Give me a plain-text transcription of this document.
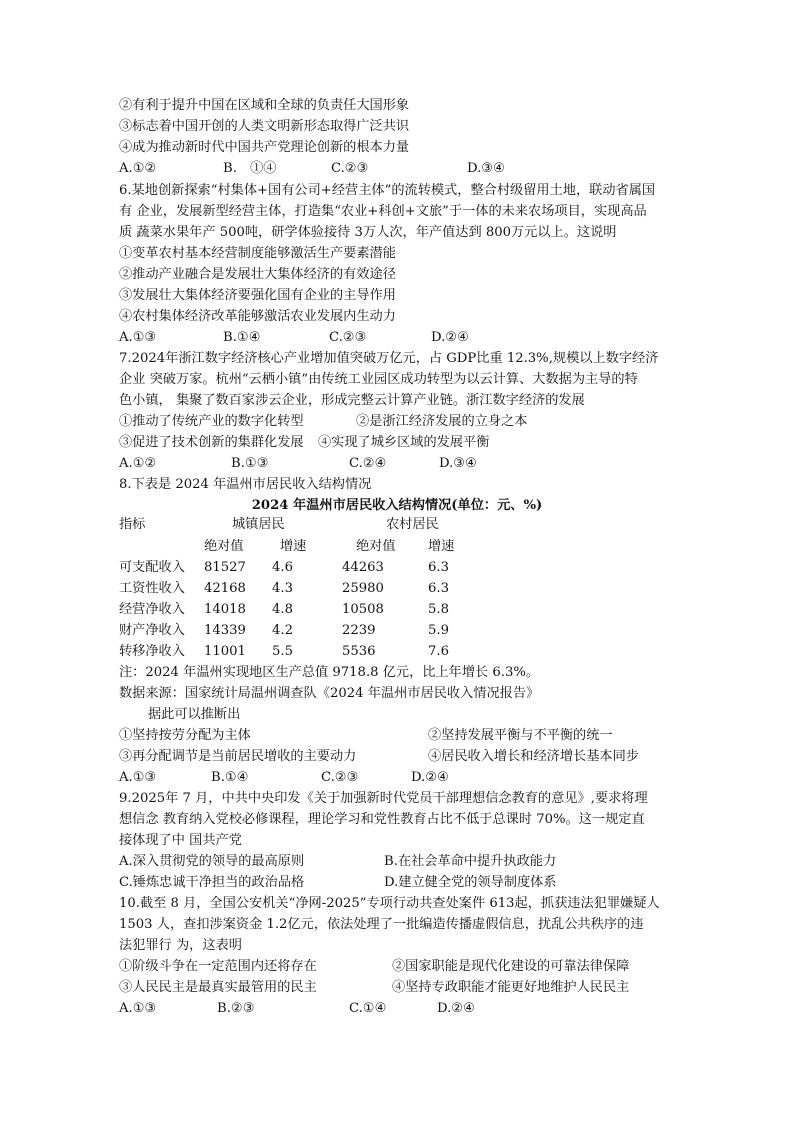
②有利于提升中国在区域和全球的负责任大国形象
③标志着中国开创的人类文明新形态取得广泛共识
④成为推动新时代中国共产党理论创新的根本力量
A.①②	B.　①④	C.②③	D.③④
6.某地创新探索“村集体+国有公司+经营主体”的流转模式，整合村级留用土地，联动省属国
有 企业，发展新型经营主体，打造集“农业+科创+文旅”于一体的未来农场项目，实现高品
质 蔬菜水果年产 500吨，研学体验接待 3万人次，年产值达到 800万元以上。这说明
①变革农村基本经营制度能够激活生产要素潜能
②推动产业融合是发展壮大集体经济的有效途径
③发展壮大集体经济要强化国有企业的主导作用
④农村集体经济改革能够激活农业发展内生动力
A.①③	B.①④	C.②③	D.②④
7.2024年浙江数字经济核心产业增加值突破万亿元，占 GDP比重 12.3%,规模以上数字经济
企业 突破万家。杭州“云栖小镇”由传统工业园区成功转型为以云计算、大数据为主导的特
色小镇， 集聚了数百家涉云企业，形成完整云计算产业链。浙江数字经济的发展
①推动了传统产业的数字化转型	②是浙江经济发展的立身之本
③促进了技术创新的集群化发展 ④实现了城乡区域的发展平衡
A.①②	B.①③	C.②④	D.③④
8.下表是 2024 年温州市居民收入结构情况
2024 年温州市居民收入结构情况(单位：元、%)
指标	城镇居民	农村居民
绝对值	增速	绝对值 增速
可支配收入 81527 4.6	44263	6.3
工资性收入 42168 4.3	25980	6.3
经营净收入 14018 4.8	10508	5.8
财产净收入 14339 4.2	2239	5.9
转移净收入 11001 5.5	5536	7.6
注：2024 年温州实现地区生产总值 9718.8 亿元，比上年增长 6.3%。
数据来源：国家统计局温州调查队《2024 年温州市居民收入情况报告》
据此可以推断出
①坚持按劳分配为主体	②坚持发展平衡与不平衡的统一
③再分配调节是当前居民增收的主要动力	④居民收入增长和经济增长基本同步
A.①③	B.①④	C.②③	D.②④
9.2025年 7 月，中共中央印发《关于加强新时代党员干部理想信念教育的意见》,要求将理
想信念 教育纳入党校必修课程，理论学习和党性教育占比不低于总课时 70%。这一规定直
接体现了中 国共产党
A.深入贯彻党的领导的最高原则	B.在社会革命中提升执政能力
C.锤炼忠诚干净担当的政治品格	D.建立健全党的领导制度体系
10.截至 8 月，全国公安机关“净网-2025”专项行动共查处案件 613起，抓获违法犯罪嫌疑人
1503 人，查扣涉案资金 1.2亿元，依法处理了一批编造传播虚假信息，扰乱公共秩序的违
法犯罪行 为，这表明
①阶级斗争在一定范围内还将存在	②国家职能是现代化建设的可靠法律保障
③人民民主是最真实最管用的民主	④坚持专政职能才能更好地维护人民民主
A.①③	B.②③	C.①④	D.②④
